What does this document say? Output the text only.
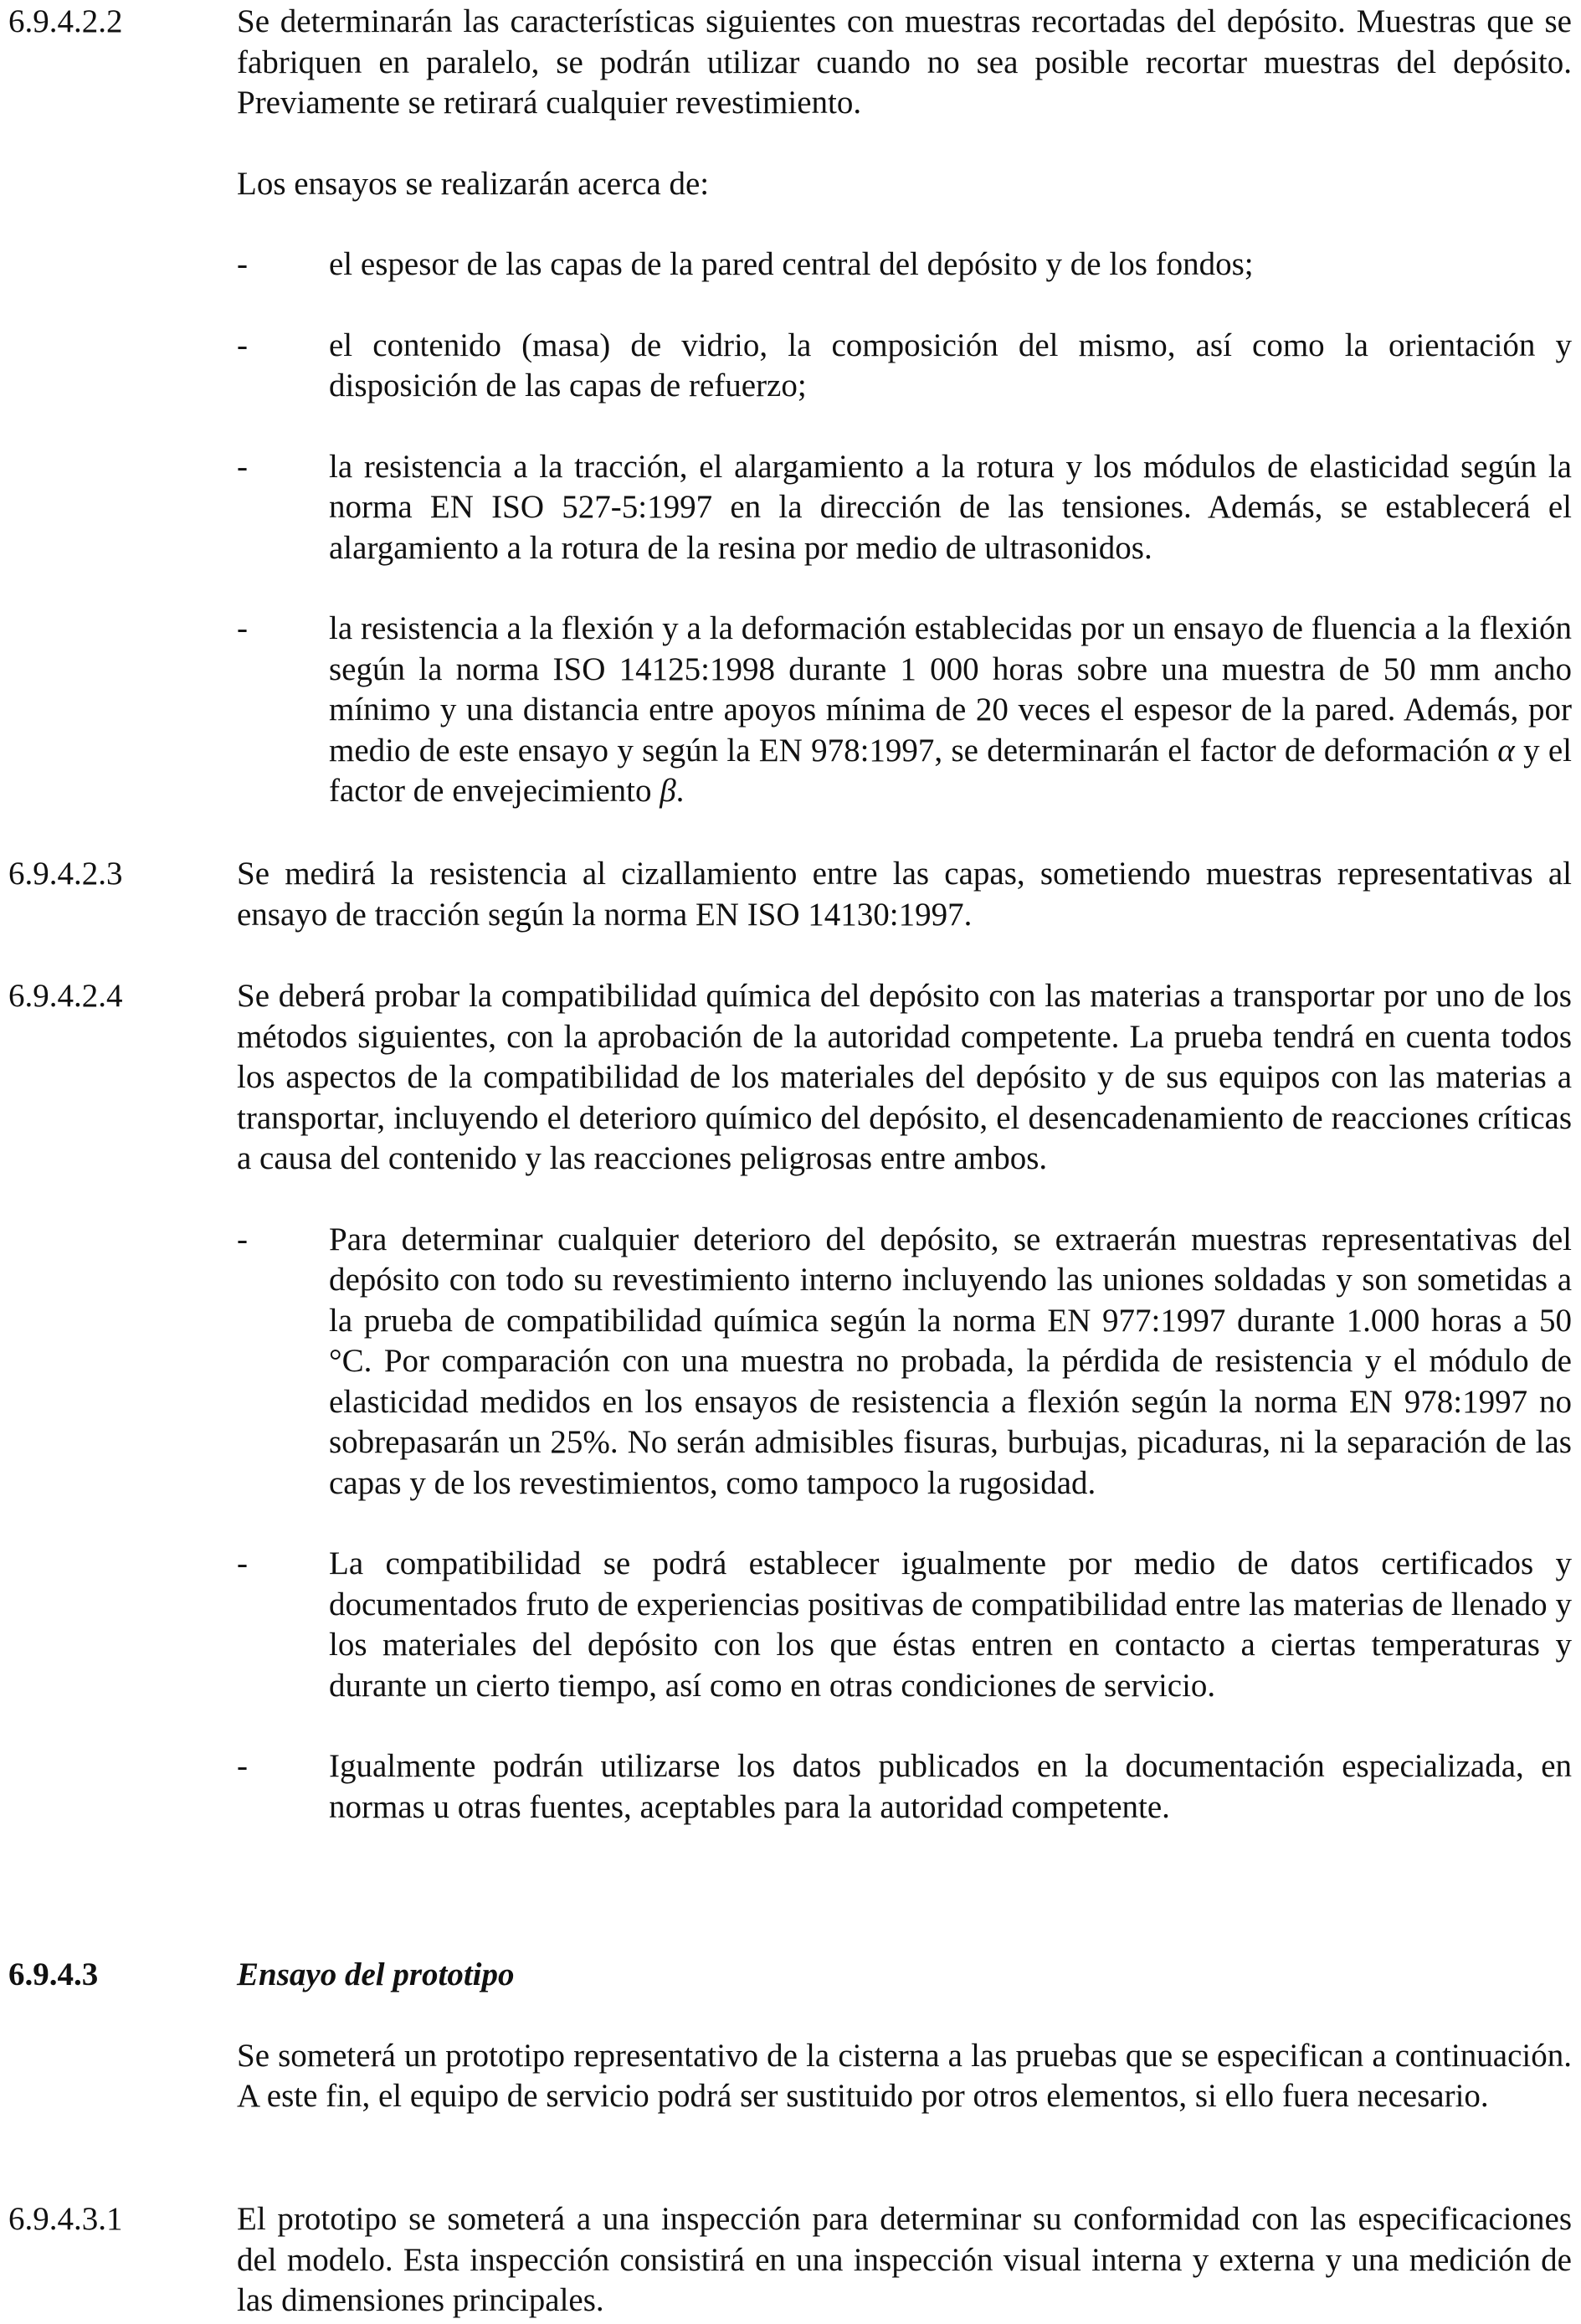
6.9.4.2.2	Se determinarán las características siguientes con muestras recortadas del depósito. Muestras que se fabriquen en paralelo, se podrán utilizar cuando no sea posible recortar muestras del depósito. Previamente se retirará cualquier revestimiento.

Los ensayos se realizarán acerca de:

- el espesor de las capas de la pared central del depósito y de los fondos;
- el contenido (masa) de vidrio, la composición del mismo, así como la orientación y disposición de las capas de refuerzo;
- la resistencia a la tracción, el alargamiento a la rotura y los módulos de elasticidad según la norma EN ISO 527-5:1997 en la dirección de las tensiones. Además, se establecerá el alargamiento a la rotura de la resina por medio de ultrasonidos.
- la resistencia a la flexión y a la deformación establecidas por un ensayo de fluencia a la flexión según la norma ISO 14125:1998 durante 1 000 horas sobre una muestra de 50 mm ancho mínimo y una distancia entre apoyos mínima de 20 veces el espesor de la pared. Además, por medio de este ensayo y según la EN 978:1997, se determinarán el factor de deformación α y el factor de envejecimiento β.
6.9.4.2.3	Se medirá la resistencia al cizallamiento entre las capas, sometiendo muestras representativas al ensayo de tracción según la norma EN ISO 14130:1997.

6.9.4.2.4	Se deberá probar la compatibilidad química del depósito con las materias a transportar por uno de los métodos siguientes, con la aprobación de la autoridad competente. La prueba tendrá en cuenta todos los aspectos de la compatibilidad de los materiales del depósito y de sus equipos con las materias a transportar, incluyendo el deterioro químico del depósito, el desencadenamiento de reacciones críticas a causa del contenido y las reacciones peligrosas entre ambos.

- Para determinar cualquier deterioro del depósito, se extraerán muestras representativas del depósito con todo su revestimiento interno incluyendo las uniones soldadas y son sometidas a la prueba de compatibilidad química según la norma EN 977:1997 durante 1.000 horas a 50 °C. Por comparación con una muestra no probada, la pérdida de resistencia y el módulo de elasticidad medidos en los ensayos de resistencia a flexión según la norma EN 978:1997 no sobrepasarán un 25%. No serán admisibles fisuras, burbujas, picaduras, ni la separación de las capas y de los revestimientos, como tampoco la rugosidad.
- La compatibilidad se podrá establecer igualmente por medio de datos certificados y documentados fruto de experiencias positivas de compatibilidad entre las materias de llenado y los materiales del depósito con los que éstas entren en contacto a ciertas temperaturas y durante un cierto tiempo, así como en otras condiciones de servicio.
- Igualmente podrán utilizarse los datos publicados en la documentación especializada, en normas u otras fuentes, aceptables para la autoridad competente.
6.9.4.3	Ensayo del prototipo

Se someterá un prototipo representativo de la cisterna a las pruebas que se especifican a continuación. A este fin, el equipo de servicio podrá ser sustituido por otros elementos, si ello fuera necesario.

6.9.4.3.1	El prototipo se someterá a una inspección para determinar su conformidad con las especificaciones del modelo. Esta inspección consistirá en una inspección visual interna y externa y una medición de las dimensiones principales.
